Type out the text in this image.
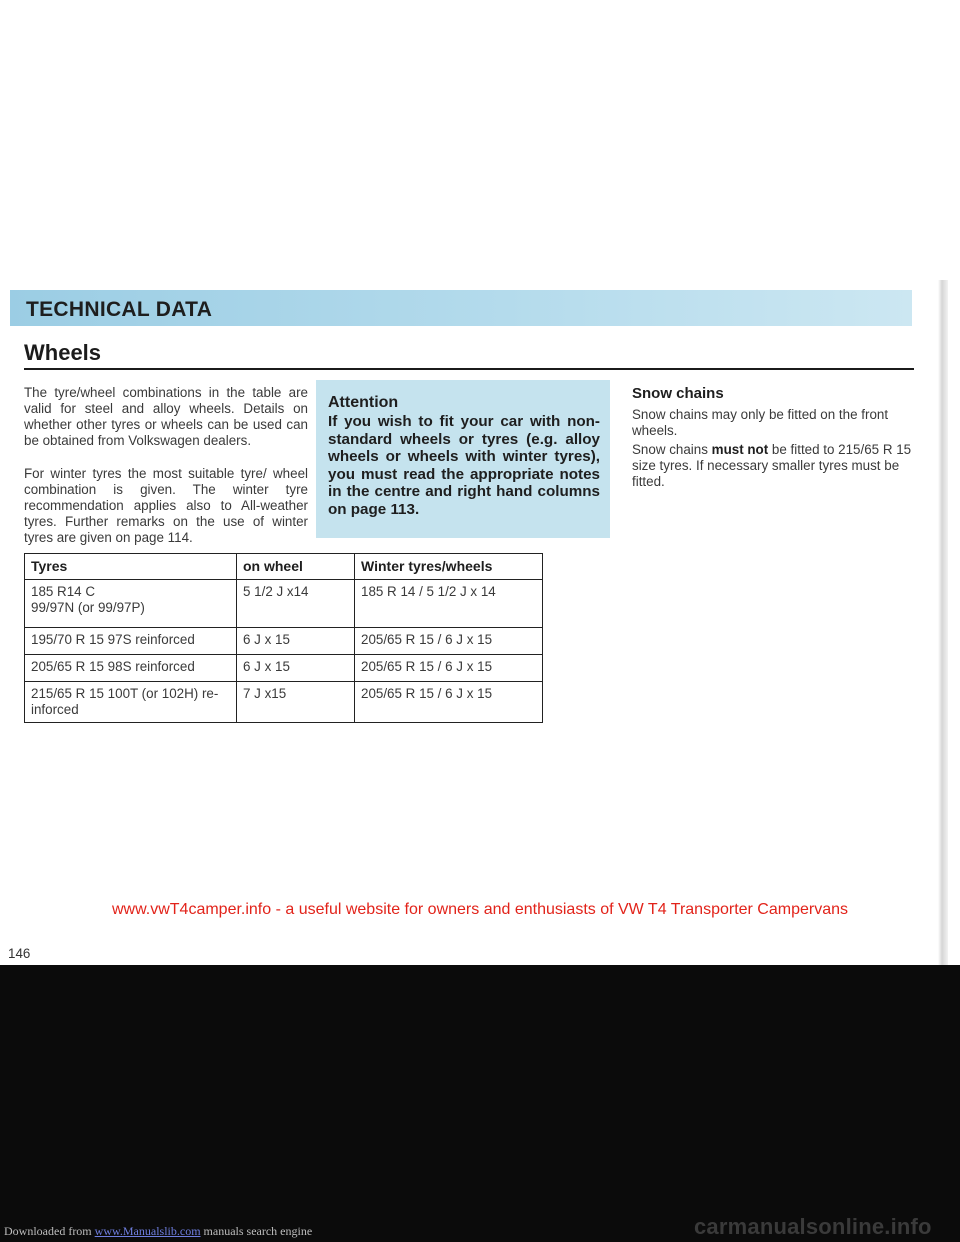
TECHNICAL DATA
Wheels

The tyre/wheel combinations in the table are valid for steel and alloy wheels. Details on whether other tyres or wheels can be used can be obtained from Volkswagen dealers.

For winter tyres the most suitable tyre/ wheel combination is given. The winter tyre recommendation applies also to All-weather tyres. Further remarks on the use of winter tyres are given on page 114.

Attention
If you wish to fit your car with non-standard wheels or tyres (e.g. alloy wheels or wheels with winter tyres), you must read the appropriate notes in the centre and right hand columns on page 113.
Snow chains

Snow chains may only be fitted on the front wheels.

Snow chains must not be fitted to 215/65 R 15 size tyres. If necessary smaller tyres must be fitted.

Tyres	on wheel	Winter tyres/wheels
185 R14 C
99/97N (or 99/97P)	5 1/2 J x14	185 R 14 / 5 1/2 J x 14
195/70 R 15 97S reinforced	6 J x 15	205/65 R 15 / 6 J x 15
205/65 R 15 98S reinforced	6 J x 15	205/65 R 15 / 6 J x 15
215/65 R 15 100T (or 102H) re-
inforced	7 J x15	205/65 R 15 / 6 J x 15
www.vwT4camper.info - a useful website for owners and enthusiasts of VW T4 Transporter Campervans
146
carmanualsonline.info
Downloaded from www.Manualslib.com manuals search engine
